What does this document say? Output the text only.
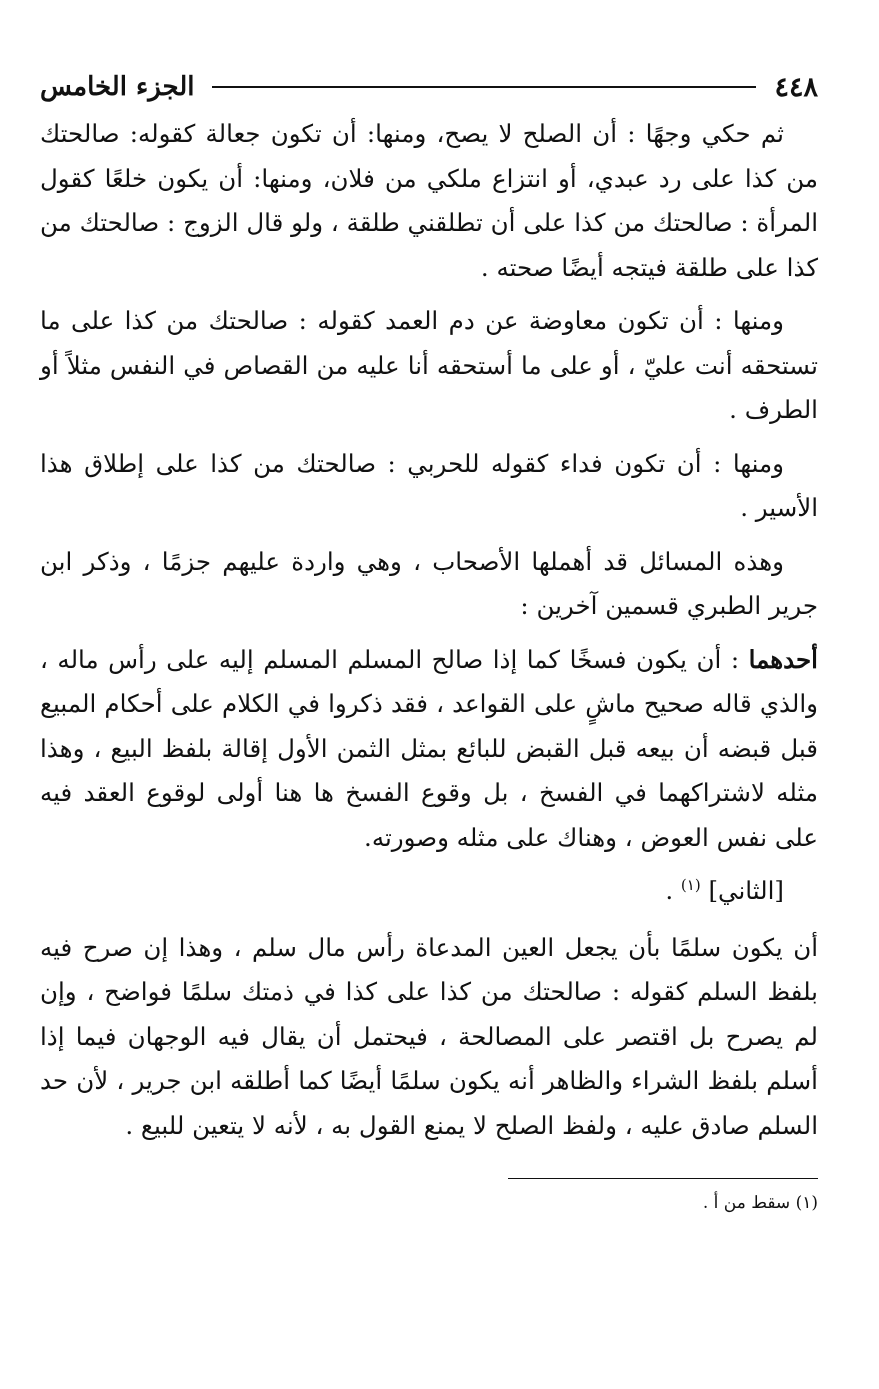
٤٤٨
الجزء الخامس

ثم حكي وجهًا : أن الصلح لا يصح، ومنها: أن تكون جعالة كقوله: صالحتك من كذا على رد عبدي، أو انتزاع ملكي من فلان، ومنها: أن يكون خلعًا كقول المرأة : صالحتك من كذا على أن تطلقني طلقة ، ولو قال الزوج : صالحتك من كذا على طلقة فيتجه أيضًا صحته .

ومنها : أن تكون معاوضة عن دم العمد كقوله : صالحتك من كذا على ما تستحقه أنت عليّ ، أو على ما أستحقه أنا عليه من القصاص في النفس مثلاً أو الطرف .

ومنها : أن تكون فداء كقوله للحربي : صالحتك من كذا على إطلاق هذا الأسير .

وهذه المسائل قد أهملها الأصحاب ، وهي واردة عليهم جزمًا ، وذكر ابن جرير الطبري قسمين آخرين :

أحدهما : أن يكون فسخًا كما إذا صالح المسلم المسلم إليه على رأس ماله ، والذي قاله صحيح ماشٍ على القواعد ، فقد ذكروا في الكلام على أحكام المبيع قبل قبضه أن بيعه قبل القبض للبائع بمثل الثمن الأول إقالة بلفظ البيع ، وهذا مثله لاشتراكهما في الفسخ ، بل وقوع الفسخ ها هنا أولى لوقوع العقد فيه على نفس العوض ، وهناك على مثله وصورته.

[الثاني] $^{(١)}$ .

أن يكون سلمًا بأن يجعل العين المدعاة رأس مال سلم ، وهذا إن صرح فيه بلفظ السلم كقوله : صالحتك من كذا على كذا في ذمتك سلمًا فواضح ، وإن لم يصرح بل اقتصر على المصالحة ، فيحتمل أن يقال فيه الوجهان فيما إذا أسلم بلفظ الشراء والظاهر أنه يكون سلمًا أيضًا كما أطلقه ابن جرير ، لأن حد السلم صادق عليه ، ولفظ الصلح لا يمنع القول به ، لأنه لا يتعين للبيع .

(١) سقط من أ .
